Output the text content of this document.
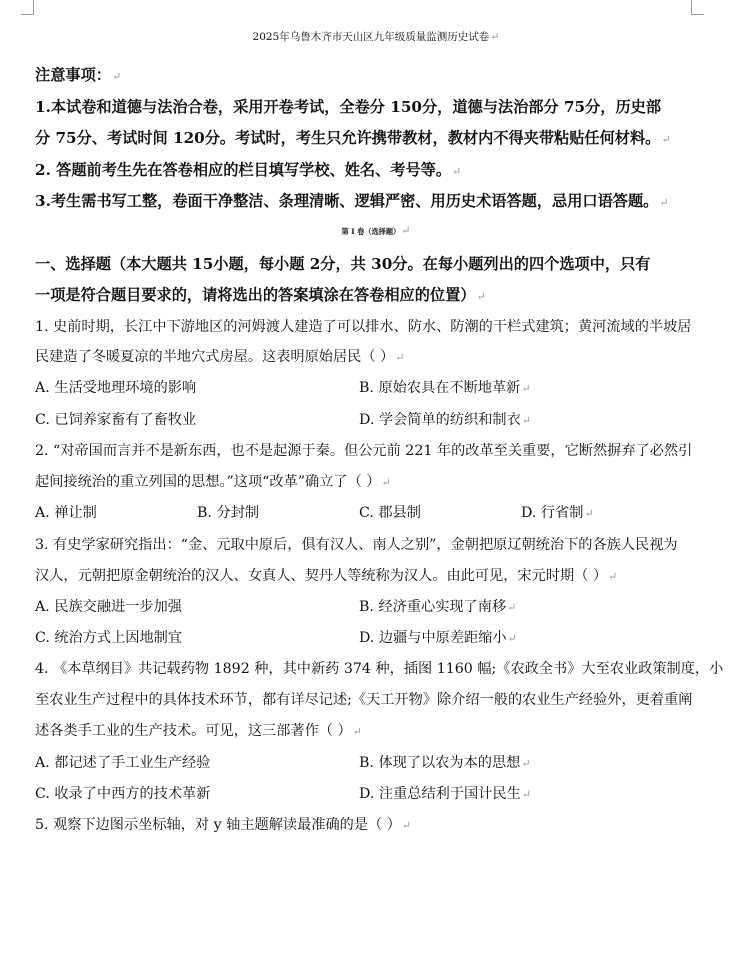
2025年乌鲁木齐市天山区九年级质量监测历史试卷↵
注意事项：↵
1.本试卷和道德与法治合卷，采用开卷考试，全卷分 150分，道德与法治部分 75分，历史部
分 75分、考试时间 120分。考试时，考生只允许携带教材，教材内不得夹带粘贴任何材料。↵
2. 答题前考生先在答卷相应的栏目填写学校、姓名、考号等。↵
3.考生需书写工整，卷面干净整洁、条理清晰、逻辑严密、用历史术语答题，忌用口语答题。↵
第 I 卷（选择题）↵
一、选择题（本大题共 15小题，每小题 2分，共 30分。在每小题列出的四个选项中，只有
一项是符合题目要求的，请将选出的答案填涂在答卷相应的位置）↵
1. 史前时期，长江中下游地区的河姆渡人建造了可以排水、防水、防潮的干栏式建筑；黄河流域的半坡居
民建造了冬暖夏凉的半地穴式房屋。这表明原始居民（ ）↵
A. 生活受地理环境的影响	B. 原始农具在不断地革新↵
C. 已饲养家畜有了畜牧业	D. 学会简单的纺织和制衣↵
2. “对帝国而言并不是新东西，也不是起源于秦。但公元前 221 年的改革至关重要，它断然摒弃了必然引
起间接统治的重立列国的思想。”这项“改革”确立了（ ）↵
A. 禅让制	B. 分封制	C. 郡县制	D. 行省制↵
3. 有史学家研究指出：“金、元取中原后，俱有汉人、南人之别”，金朝把原辽朝统治下的各族人民视为
汉人，元朝把原金朝统治的汉人、女真人、契丹人等统称为汉人。由此可见，宋元时期（ ）↵
A. 民族交融进一步加强	B. 经济重心实现了南移↵
C. 统治方式上因地制宜	D. 边疆与中原差距缩小↵
4. 《本草纲目》共记载药物 1892 种，其中新药 374 种，插图 1160 幅;《农政全书》大至农业政策制度，小
至农业生产过程中的具体技术环节，都有详尽记述;《天工开物》除介绍一般的农业生产经验外，更着重阐
述各类手工业的生产技术。可见，这三部著作（ ）↵
A. 都记述了手工业生产经验	B. 体现了以农为本的思想↵
C. 收录了中西方的技术革新	D. 注重总结利于国计民生↵
5. 观察下边图示坐标轴，对 y 轴主题解读最准确的是（ ）↵
